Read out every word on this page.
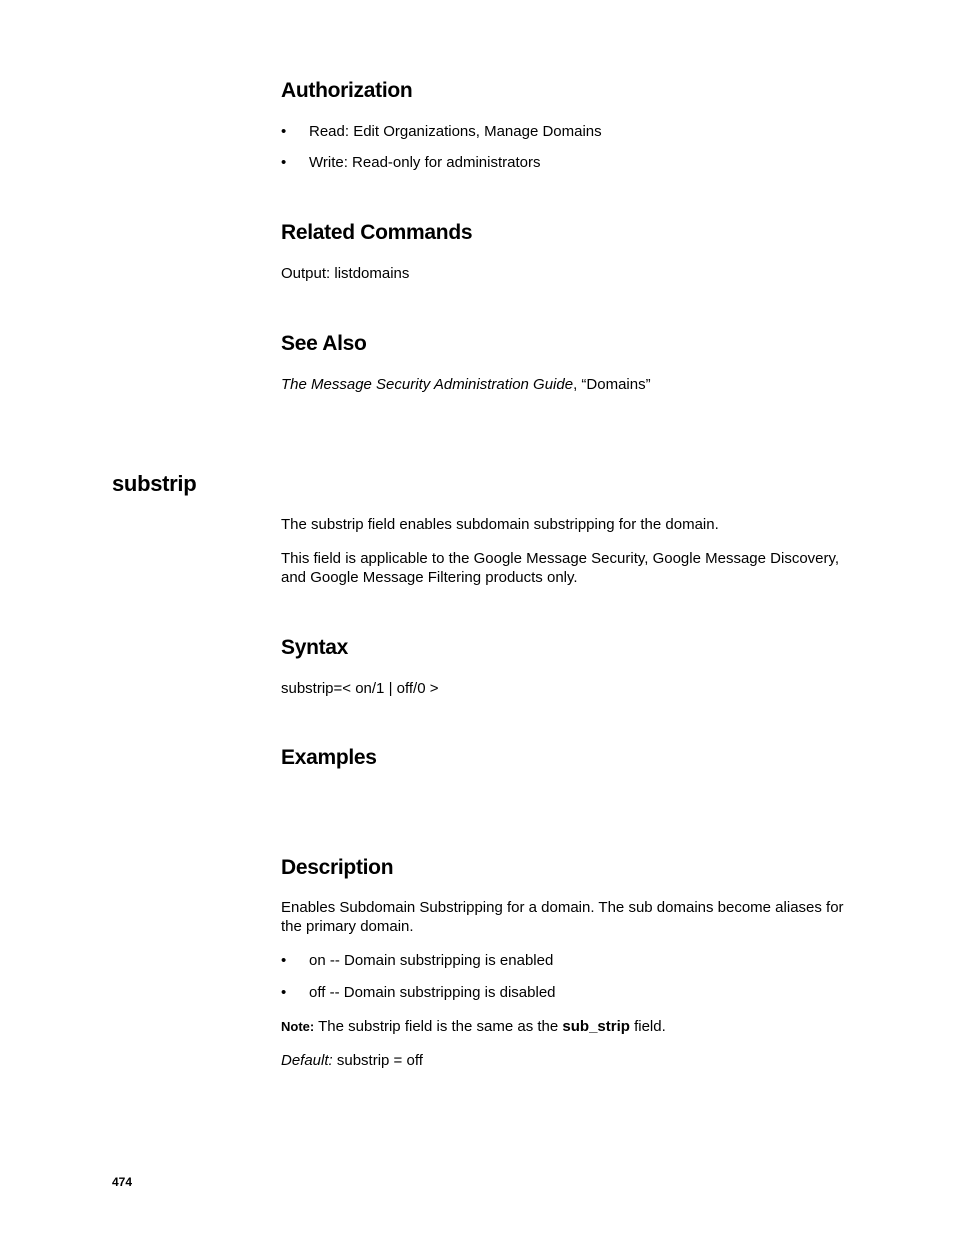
Authorization
• Read: Edit Organizations, Manage Domains
• Write: Read-only for administrators
Related Commands

Output: listdomains

See Also

The Message Security Administration Guide, “Domains”

substrip

The substrip field enables subdomain substripping for the domain.

This field is applicable to the Google Message Security, Google Message Discovery, and Google Message Filtering products only.

Syntax

substrip=< on/1 | off/0 >

Examples
Description

Enables Subdomain Substripping for a domain. The sub domains become aliases for the primary domain.

• on -- Domain substripping is enabled
• off -- Domain substripping is disabled

Note: The substrip field is the same as the sub_strip field.

Default: substrip = off

474
